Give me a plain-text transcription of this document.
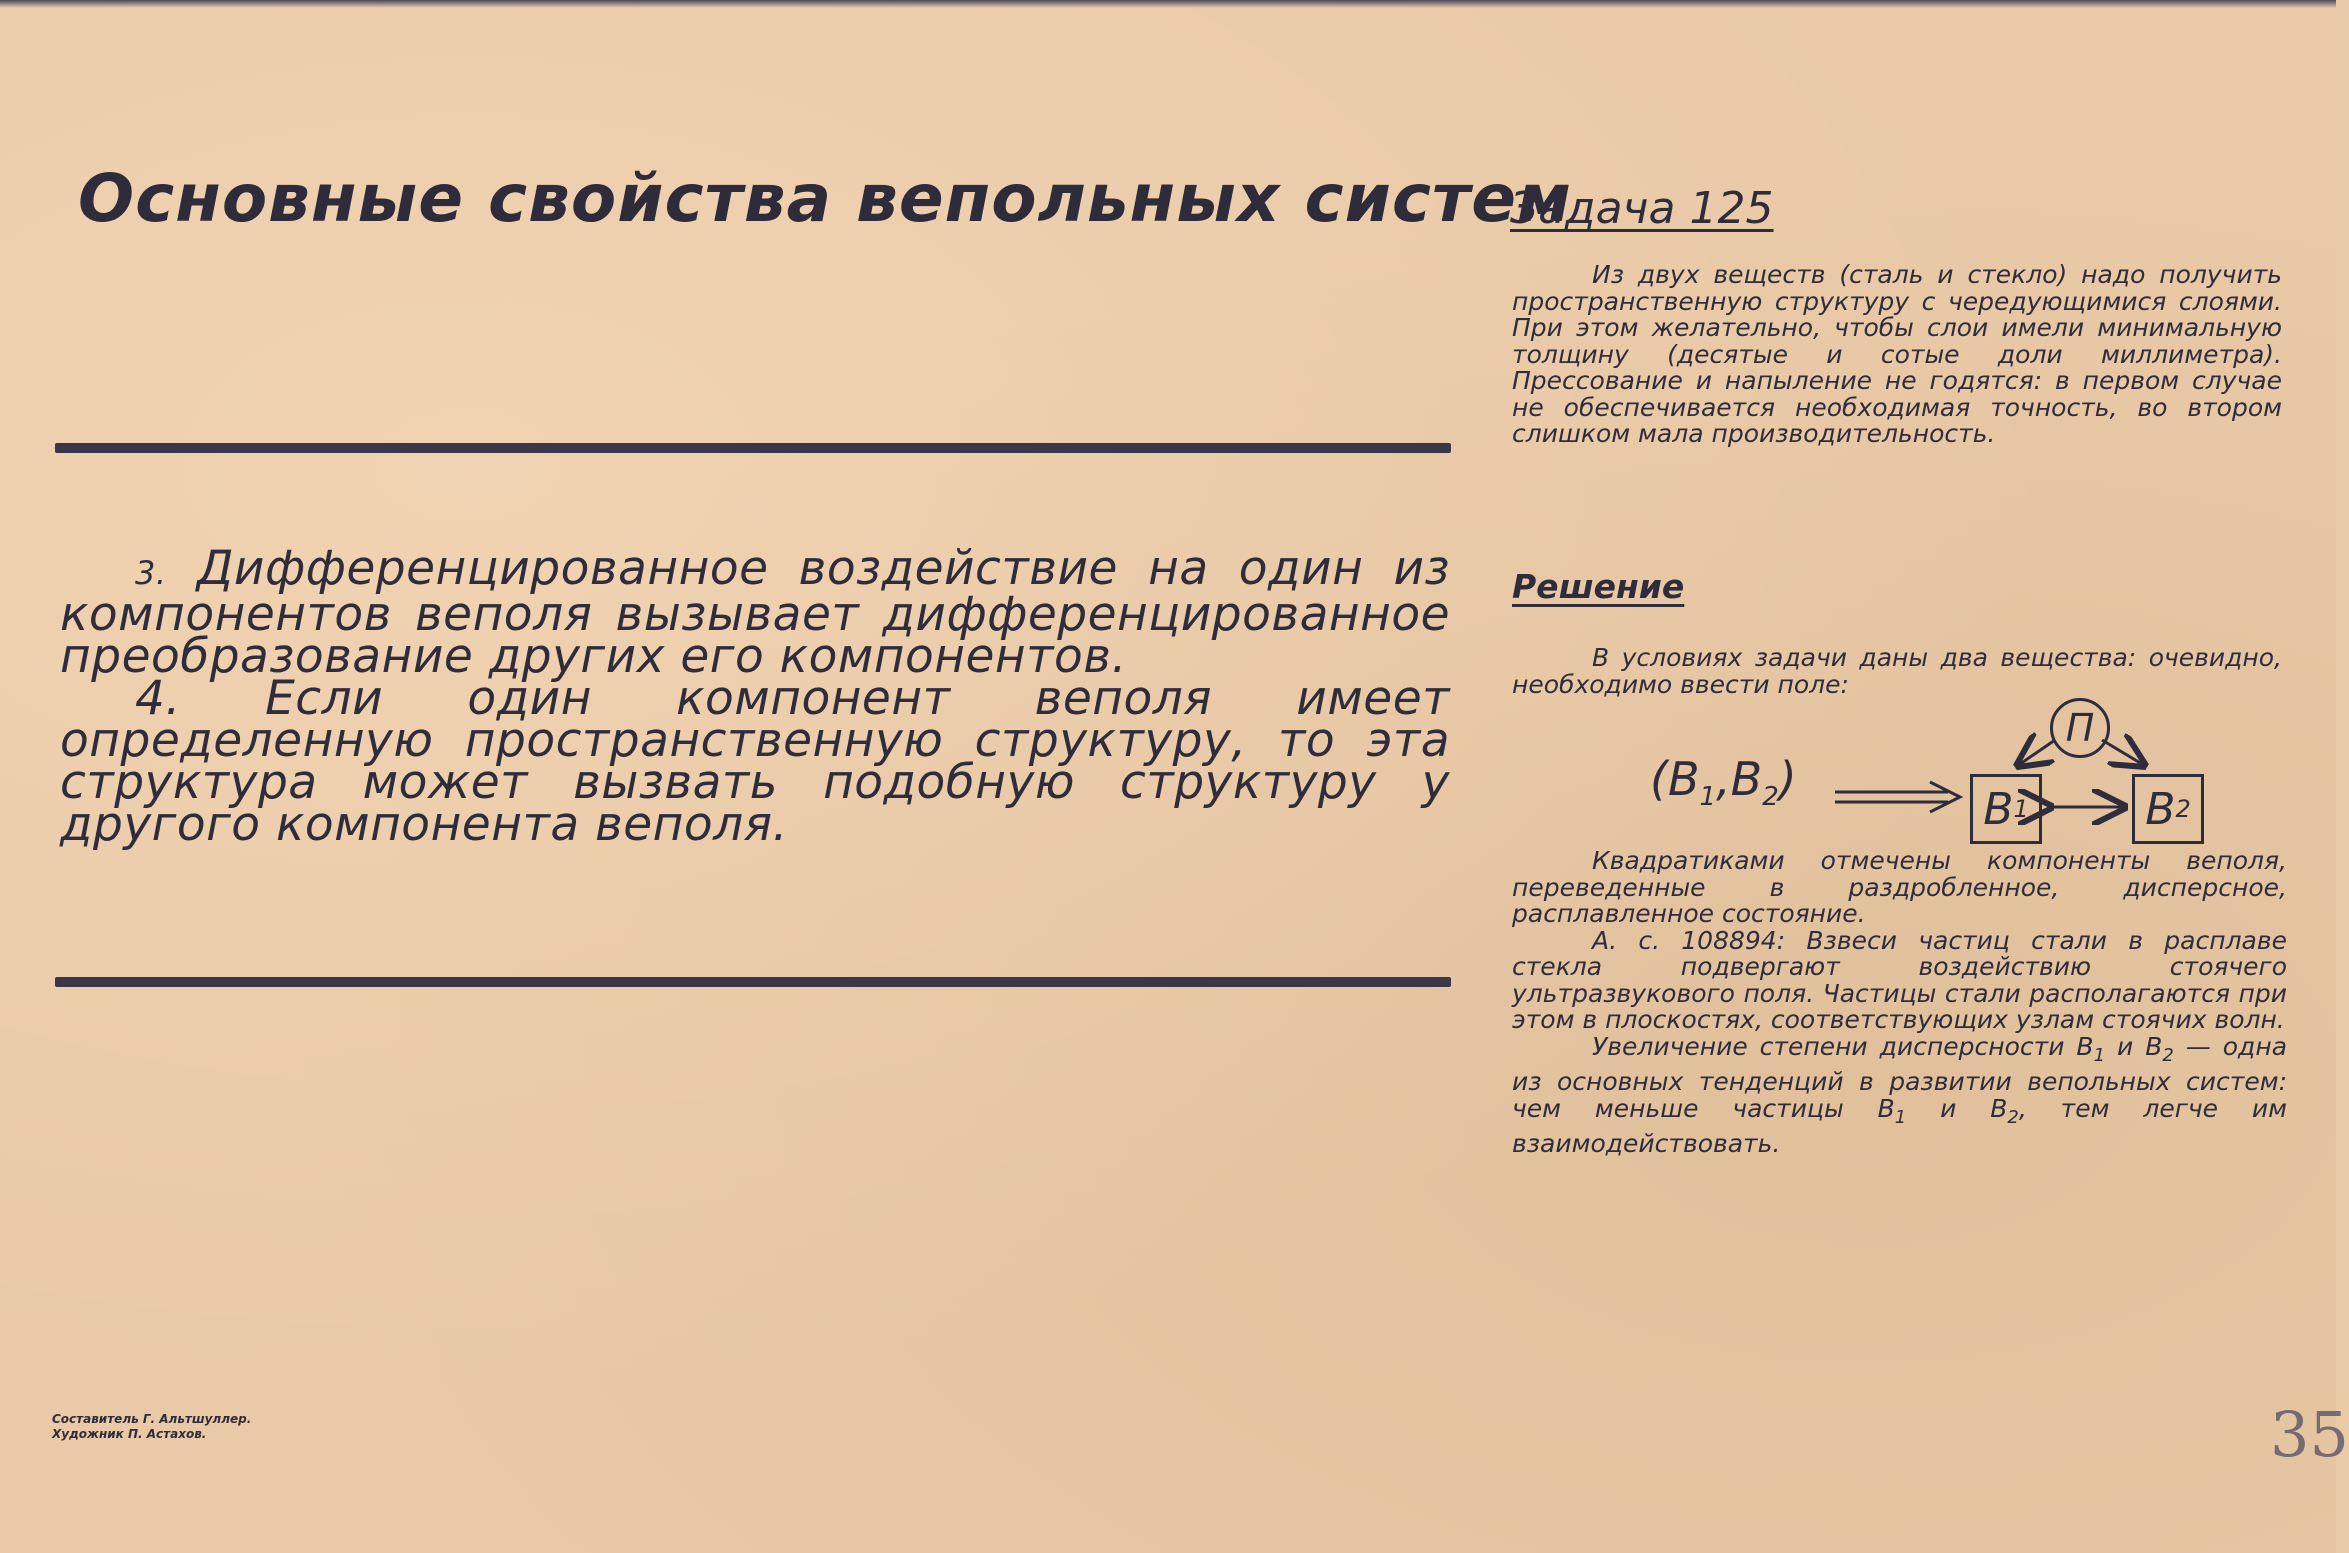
Основные свойства вепольных систем

3. Дифференцированное воздействие на один из компонентов веполя вызывает дифференцированное преобразование других его компонентов.

4. Если один компонент веполя имеет определенную пространственную структуру, то эта структура может вызвать подобную структуру у другого компонента веполя.

Задача 125

Из двух веществ (сталь и стекло) надо получить пространственную структуру с чередующимися слоями. При этом желательно, чтобы слои имели минимальную толщину (десятые и сотые доли миллиметра). Прессование и напыление не годятся: в первом случае не обеспечивается необходимая точность, во втором слишком мала производительность.

Решение

В условиях задачи даны два вещества: очевидно, необходимо ввести поле:

$(B_1,B_2)$
П
B 1	B 2

Квадратиками отмечены компоненты веполя, переведенные в раздробленное, дисперсное, расплавленное состояние.

А. с. 108894: Взвеси частиц стали в расплаве стекла подвергают воздействию стоячего ультразвукового поля. Частицы стали располагаются при этом в плоскостях, соответствующих узлам стоячих волн.

Увеличение степени дисперсности $B_1$ и $B_2$ — одна из основных тенденций в развитии вепольных систем: чем меньше частицы $B_1$ и $B_2$, тем легче им взаимодействовать.

Составитель Г. Альтшуллер.
Художник П. Астахов.	35
